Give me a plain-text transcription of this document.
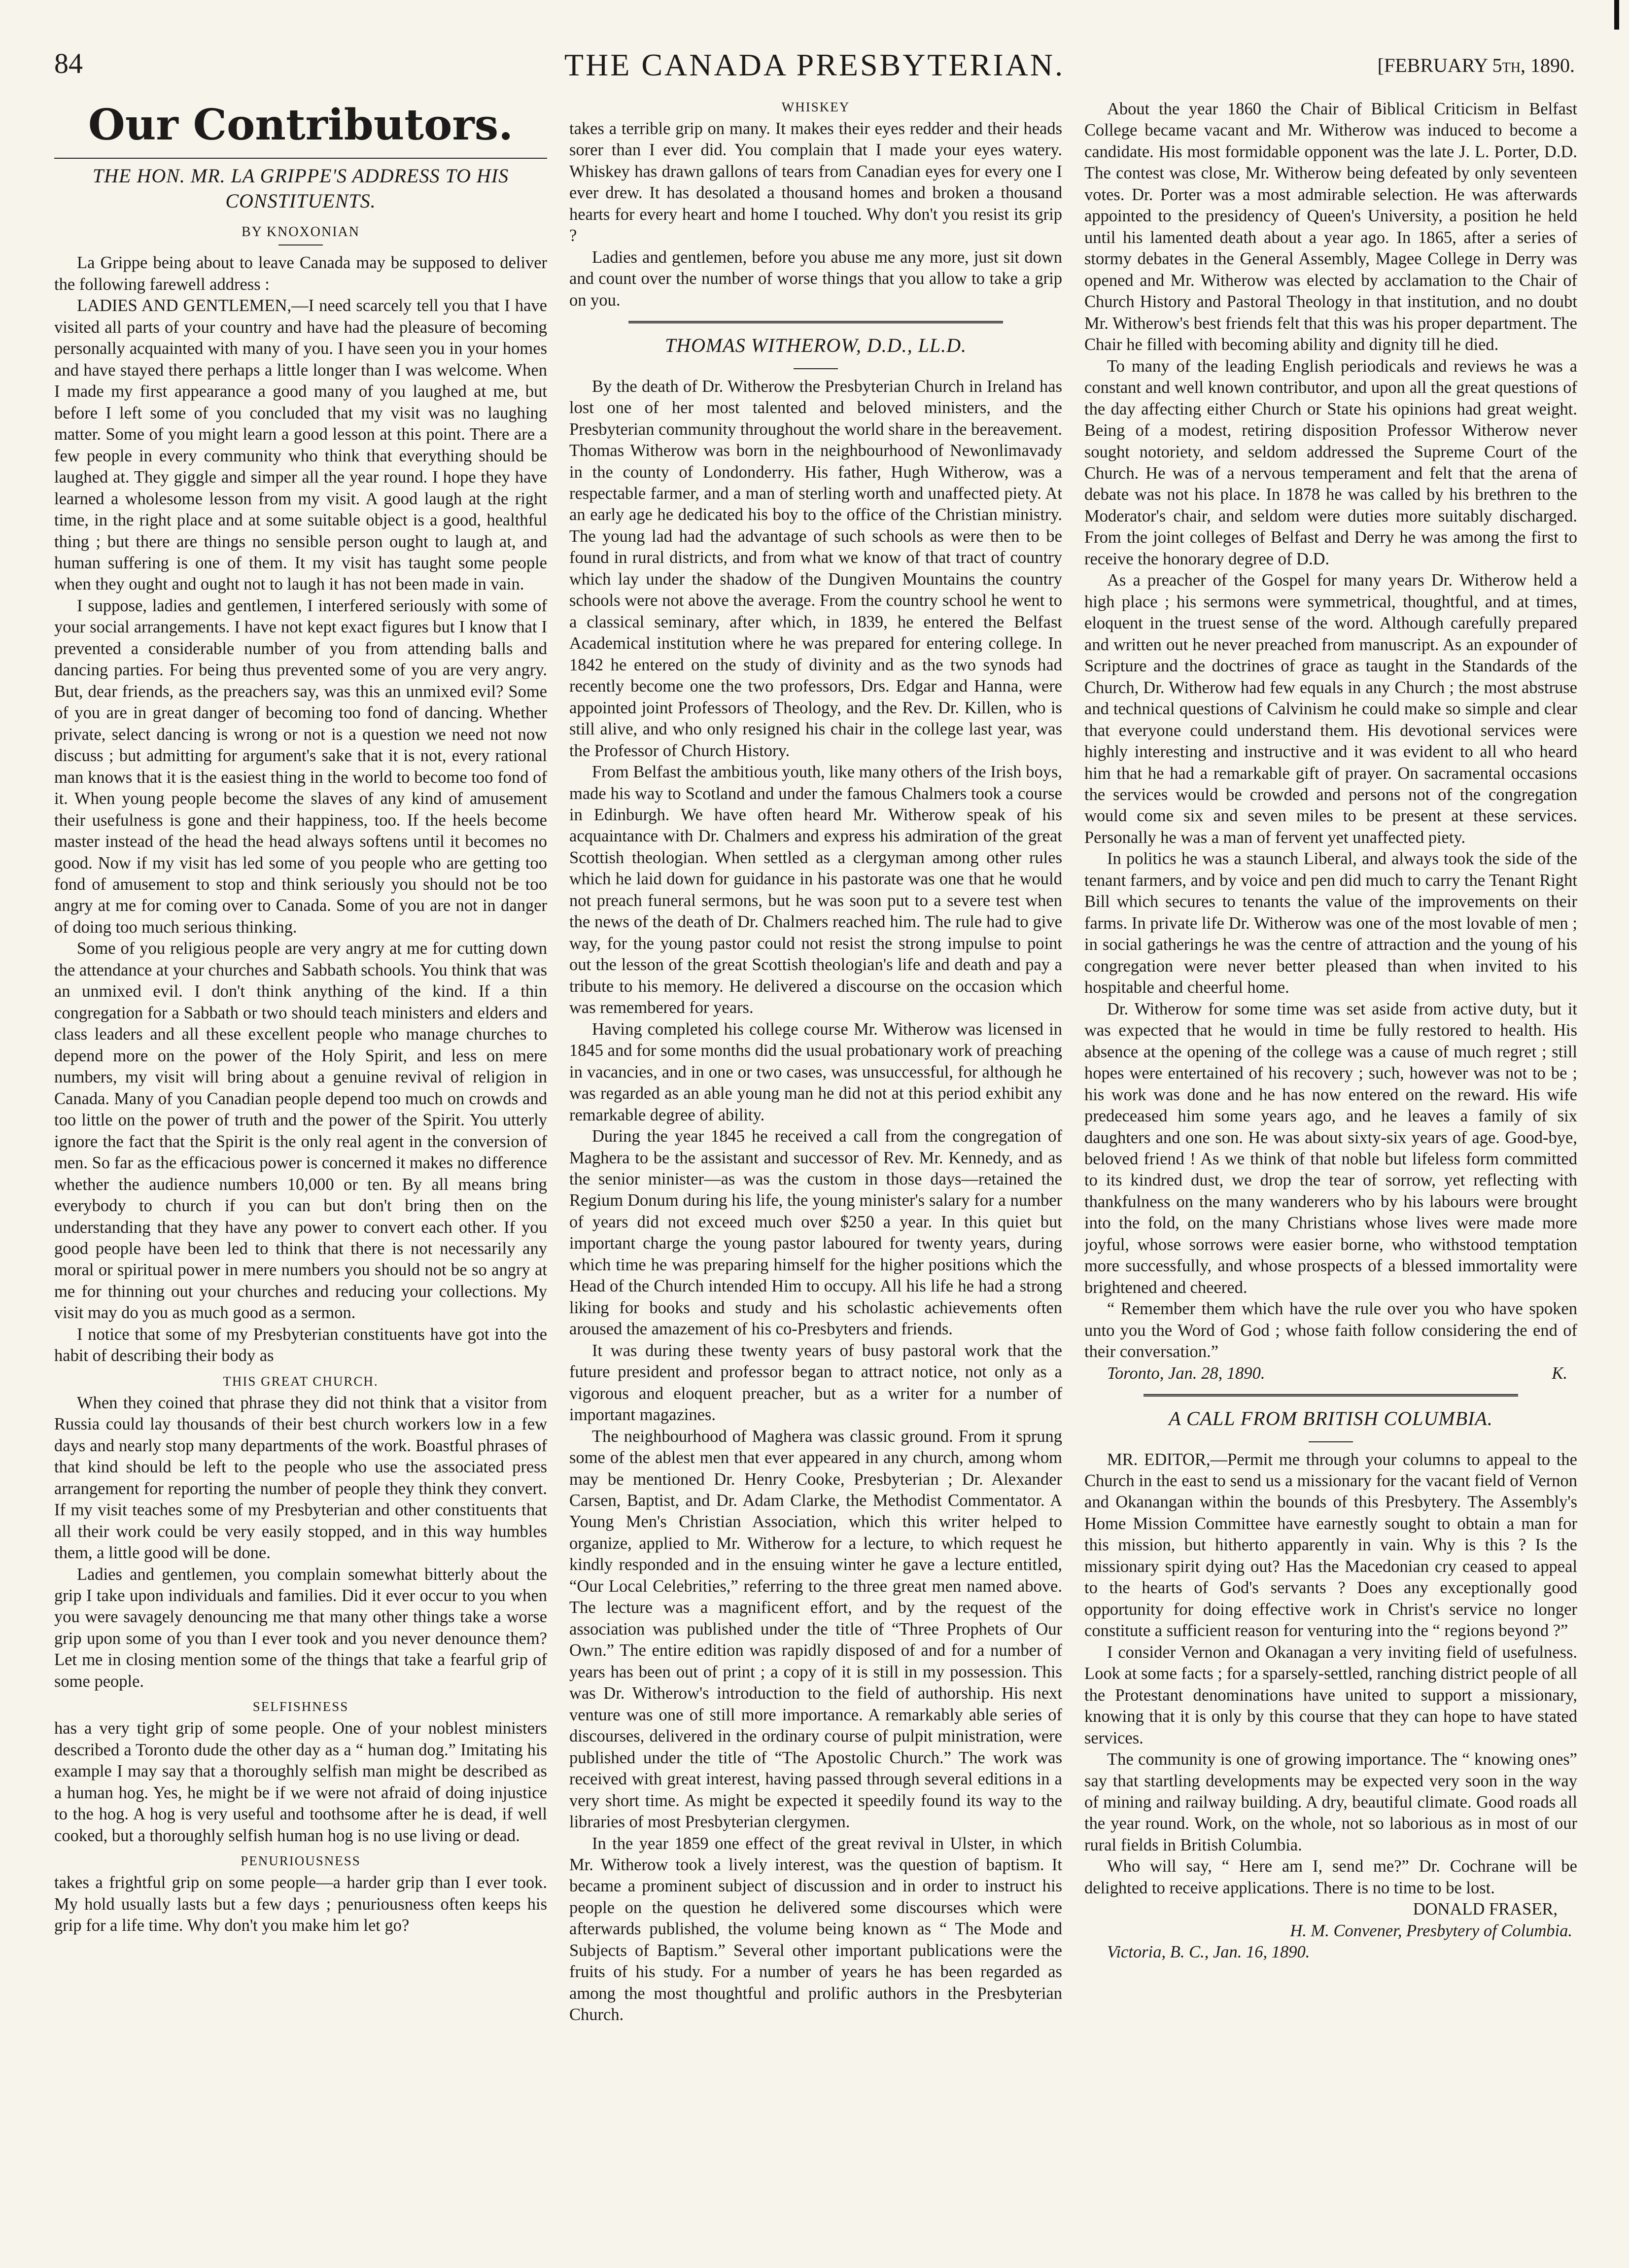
84	THE CANADA PRESBYTERIAN.	[FEBRUARY 5th, 1890.
Our Contributors.
THE HON. MR. LA GRIPPE'S ADDRESS TO HIS CONSTITUENTS.
BY KNOXONIAN

La Grippe being about to leave Canada may be supposed to deliver the following farewell address :

LADIES AND GENTLEMEN,—I need scarcely tell you that I have visited all parts of your country and have had the pleasure of becoming personally acquainted with many of you. I have seen you in your homes and have stayed there perhaps a little longer than I was welcome. When I made my first appearance a good many of you laughed at me, but before I left some of you concluded that my visit was no laughing matter. Some of you might learn a good lesson at this point. There are a few people in every community who think that everything should be laughed at. They giggle and simper all the year round. I hope they have learned a wholesome lesson from my visit. A good laugh at the right time, in the right place and at some suitable object is a good, healthful thing ; but there are things no sensible person ought to laugh at, and human suffering is one of them. It my visit has taught some people when they ought and ought not to laugh it has not been made in vain.

I suppose, ladies and gentlemen, I interfered seriously with some of your social arrangements. I have not kept exact figures but I know that I prevented a considerable number of you from attending balls and dancing parties. For being thus prevented some of you are very angry. But, dear friends, as the preachers say, was this an unmixed evil? Some of you are in great danger of becoming too fond of dancing. Whether private, select dancing is wrong or not is a question we need not now discuss ; but admitting for argument's sake that it is not, every rational man knows that it is the easiest thing in the world to become too fond of it. When young people become the slaves of any kind of amusement their usefulness is gone and their happiness, too. If the heels become master instead of the head the head always softens until it becomes no good. Now if my visit has led some of you people who are getting too fond of amusement to stop and think seriously you should not be too angry at me for coming over to Canada. Some of you are not in danger of doing too much serious thinking.

Some of you religious people are very angry at me for cutting down the attendance at your churches and Sabbath schools. You think that was an unmixed evil. I don't think anything of the kind. If a thin congregation for a Sabbath or two should teach ministers and elders and class leaders and all these excellent people who manage churches to depend more on the power of the Holy Spirit, and less on mere numbers, my visit will bring about a genuine revival of religion in Canada. Many of you Canadian people depend too much on crowds and too little on the power of truth and the power of the Spirit. You utterly ignore the fact that the Spirit is the only real agent in the conversion of men. So far as the efficacious power is concerned it makes no difference whether the audience numbers 10,000 or ten. By all means bring everybody to church if you can but don't bring then on the understanding that they have any power to convert each other. If you good people have been led to think that there is not necessarily any moral or spiritual power in mere numbers you should not be so angry at me for thinning out your churches and reducing your collections. My visit may do you as much good as a sermon.

I notice that some of my Presbyterian constituents have got into the habit of describing their body as

THIS GREAT CHURCH.

When they coined that phrase they did not think that a visitor from Russia could lay thousands of their best church workers low in a few days and nearly stop many departments of the work. Boastful phrases of that kind should be left to the people who use the associated press arrangement for reporting the number of people they think they convert. If my visit teaches some of my Presbyterian and other constituents that all their work could be very easily stopped, and in this way humbles them, a little good will be done.

Ladies and gentlemen, you complain somewhat bitterly about the grip I take upon individuals and families. Did it ever occur to you when you were savagely denouncing me that many other things take a worse grip upon some of you than I ever took and you never denounce them? Let me in closing mention some of the things that take a fearful grip of some people.

SELFISHNESS

has a very tight grip of some people. One of your noblest ministers described a Toronto dude the other day as a “ human dog.” Imitating his example I may say that a thoroughly selfish man might be described as a human hog. Yes, he might be if we were not afraid of doing injustice to the hog. A hog is very useful and toothsome after he is dead, if well cooked, but a thoroughly selfish human hog is no use living or dead.

PENURIOUSNESS

takes a frightful grip on some people—a harder grip than I ever took. My hold usually lasts but a few days ; penuriousness often keeps his grip for a life time. Why don't you make him let go?

WHISKEY

takes a terrible grip on many. It makes their eyes redder and their heads sorer than I ever did. You complain that I made your eyes watery. Whiskey has drawn gallons of tears from Canadian eyes for every one I ever drew. It has desolated a thousand homes and broken a thousand hearts for every heart and home I touched. Why don't you resist its grip ?

Ladies and gentlemen, before you abuse me any more, just sit down and count over the number of worse things that you allow to take a grip on you.

THOMAS WITHEROW, D.D., LL.D.

By the death of Dr. Witherow the Presbyterian Church in Ireland has lost one of her most talented and beloved ministers, and the Presbyterian community throughout the world share in the bereavement. Thomas Witherow was born in the neighbourhood of Newonlimavady in the county of Londonderry. His father, Hugh Witherow, was a respectable farmer, and a man of sterling worth and unaffected piety. At an early age he dedicated his boy to the office of the Christian ministry. The young lad had the advantage of such schools as were then to be found in rural districts, and from what we know of that tract of country which lay under the shadow of the Dungiven Mountains the country schools were not above the average. From the country school he went to a classical seminary, after which, in 1839, he entered the Belfast Academical institution where he was prepared for entering college. In 1842 he entered on the study of divinity and as the two synods had recently become one the two professors, Drs. Edgar and Hanna, were appointed joint Professors of Theology, and the Rev. Dr. Killen, who is still alive, and who only resigned his chair in the college last year, was the Professor of Church History.

From Belfast the ambitious youth, like many others of the Irish boys, made his way to Scotland and under the famous Chalmers took a course in Edinburgh. We have often heard Mr. Witherow speak of his acquaintance with Dr. Chalmers and express his admiration of the great Scottish theologian. When settled as a clergyman among other rules which he laid down for guidance in his pastorate was one that he would not preach funeral sermons, but he was soon put to a severe test when the news of the death of Dr. Chalmers reached him. The rule had to give way, for the young pastor could not resist the strong impulse to point out the lesson of the great Scottish theologian's life and death and pay a tribute to his memory. He delivered a discourse on the occasion which was remembered for years.

Having completed his college course Mr. Witherow was licensed in 1845 and for some months did the usual probationary work of preaching in vacancies, and in one or two cases, was unsuccessful, for although he was regarded as an able young man he did not at this period exhibit any remarkable degree of ability.

During the year 1845 he received a call from the congregation of Maghera to be the assistant and successor of Rev. Mr. Kennedy, and as the senior minister—as was the custom in those days—retained the Regium Donum during his life, the young minister's salary for a number of years did not exceed much over $250 a year. In this quiet but important charge the young pastor laboured for twenty years, during which time he was preparing himself for the higher positions which the Head of the Church intended Him to occupy. All his life he had a strong liking for books and study and his scholastic achievements often aroused the amazement of his co-Presbyters and friends.

It was during these twenty years of busy pastoral work that the future president and professor began to attract notice, not only as a vigorous and eloquent preacher, but as a writer for a number of important magazines.

The neighbourhood of Maghera was classic ground. From it sprung some of the ablest men that ever appeared in any church, among whom may be mentioned Dr. Henry Cooke, Presbyterian ; Dr. Alexander Carsen, Baptist, and Dr. Adam Clarke, the Methodist Commentator. A Young Men's Christian Association, which this writer helped to organize, applied to Mr. Witherow for a lecture, to which request he kindly responded and in the ensuing winter he gave a lecture entitled, “Our Local Celebrities,” referring to the three great men named above. The lecture was a magnificent effort, and by the request of the association was published under the title of “Three Prophets of Our Own.” The entire edition was rapidly disposed of and for a number of years has been out of print ; a copy of it is still in my possession. This was Dr. Witherow's introduction to the field of authorship. His next venture was one of still more importance. A remarkably able series of discourses, delivered in the ordinary course of pulpit ministration, were published under the title of “The Apostolic Church.” The work was received with great interest, having passed through several editions in a very short time. As might be expected it speedily found its way to the libraries of most Presbyterian clergymen.

In the year 1859 one effect of the great revival in Ulster, in which Mr. Witherow took a lively interest, was the question of baptism. It became a prominent subject of discussion and in order to instruct his people on the question he delivered some discourses which were afterwards published, the volume being known as “ The Mode and Subjects of Baptism.” Several other important publications were the fruits of his study. For a number of years he has been regarded as among the most thoughtful and prolific authors in the Presbyterian Church.

About the year 1860 the Chair of Biblical Criticism in Belfast College became vacant and Mr. Witherow was induced to become a candidate. His most formidable opponent was the late J. L. Porter, D.D. The contest was close, Mr. Witherow being defeated by only seventeen votes. Dr. Porter was a most admirable selection. He was afterwards appointed to the presidency of Queen's University, a position he held until his lamented death about a year ago. In 1865, after a series of stormy debates in the General Assembly, Magee College in Derry was opened and Mr. Witherow was elected by acclamation to the Chair of Church History and Pastoral Theology in that institution, and no doubt Mr. Witherow's best friends felt that this was his proper department. The Chair he filled with becoming ability and dignity till he died.

To many of the leading English periodicals and reviews he was a constant and well known contributor, and upon all the great questions of the day affecting either Church or State his opinions had great weight. Being of a modest, retiring disposition Professor Witherow never sought notoriety, and seldom addressed the Supreme Court of the Church. He was of a nervous temperament and felt that the arena of debate was not his place. In 1878 he was called by his brethren to the Moderator's chair, and seldom were duties more suitably discharged. From the joint colleges of Belfast and Derry he was among the first to receive the honorary degree of D.D.

As a preacher of the Gospel for many years Dr. Witherow held a high place ; his sermons were symmetrical, thoughtful, and at times, eloquent in the truest sense of the word. Although carefully prepared and written out he never preached from manuscript. As an expounder of Scripture and the doctrines of grace as taught in the Standards of the Church, Dr. Witherow had few equals in any Church ; the most abstruse and technical questions of Calvinism he could make so simple and clear that everyone could understand them. His devotional services were highly interesting and instructive and it was evident to all who heard him that he had a remarkable gift of prayer. On sacramental occasions the services would be crowded and persons not of the congregation would come six and seven miles to be present at these services. Personally he was a man of fervent yet unaffected piety.

In politics he was a staunch Liberal, and always took the side of the tenant farmers, and by voice and pen did much to carry the Tenant Right Bill which secures to tenants the value of the improvements on their farms. In private life Dr. Witherow was one of the most lovable of men ; in social gatherings he was the centre of attraction and the young of his congregation were never better pleased than when invited to his hospitable and cheerful home.

Dr. Witherow for some time was set aside from active duty, but it was expected that he would in time be fully restored to health. His absence at the opening of the college was a cause of much regret ; still hopes were entertained of his recovery ; such, however was not to be ; his work was done and he has now entered on the reward. His wife predeceased him some years ago, and he leaves a family of six daughters and one son. He was about sixty-six years of age. Good-bye, beloved friend ! As we think of that noble but lifeless form committed to its kindred dust, we drop the tear of sorrow, yet reflecting with thankfulness on the many wanderers who by his labours were brought into the fold, on the many Christians whose lives were made more joyful, whose sorrows were easier borne, who withstood temptation more successfully, and whose prospects of a blessed immortality were brightened and cheered.

“ Remember them which have the rule over you who have spoken unto you the Word of God ; whose faith follow considering the end of their conversation.”

Toronto, Jan. 28, 1890.	K.
A CALL FROM BRITISH COLUMBIA.

MR. EDITOR,—Permit me through your columns to appeal to the Church in the east to send us a missionary for the vacant field of Vernon and Okanangan within the bounds of this Presbytery. The Assembly's Home Mission Committee have earnestly sought to obtain a man for this mission, but hitherto apparently in vain. Why is this ? Is the missionary spirit dying out? Has the Macedonian cry ceased to appeal to the hearts of God's servants ? Does any exceptionally good opportunity for doing effective work in Christ's service no longer constitute a sufficient reason for venturing into the “ regions beyond ?”

I consider Vernon and Okanagan a very inviting field of usefulness. Look at some facts ; for a sparsely-settled, ranching district people of all the Protestant denominations have united to support a missionary, knowing that it is only by this course that they can hope to have stated services.

The community is one of growing importance. The “ knowing ones” say that startling developments may be expected very soon in the way of mining and railway building. A dry, beautiful climate. Good roads all the year round. Work, on the whole, not so laborious as in most of our rural fields in British Columbia.

Who will say, “ Here am I, send me?” Dr. Cochrane will be delighted to receive applications. There is no time to be lost.

DONALD FRASER,
H. M. Convener, Presbytery of Columbia.
Victoria, B. C., Jan. 16, 1890.
